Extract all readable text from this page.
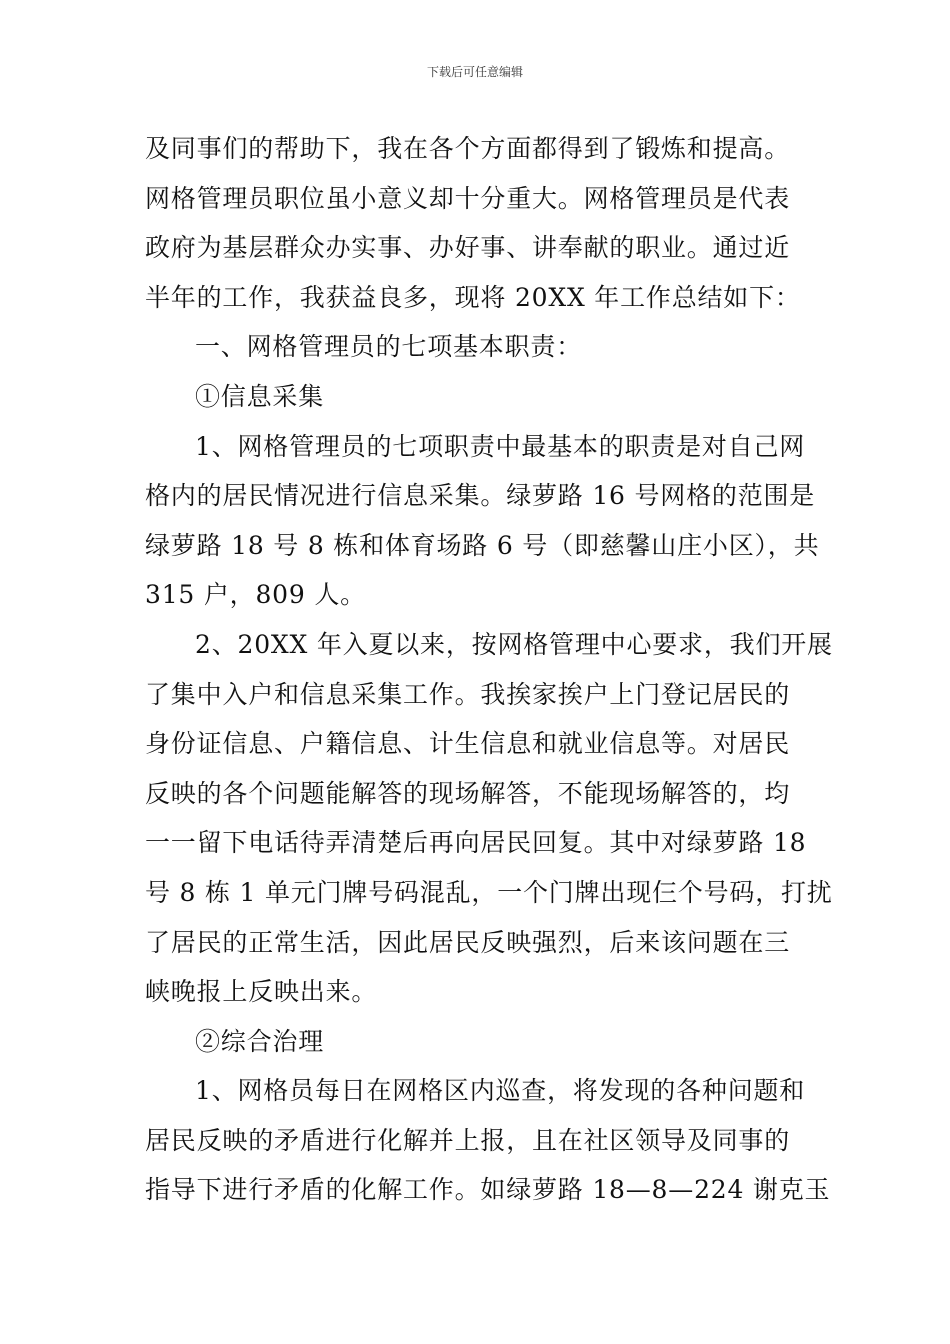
下载后可任意编辑
及同事们的帮助下，我在各个方面都得到了锻炼和提高。
网格管理员职位虽小意义却十分重大。网格管理员是代表
政府为基层群众办实事、办好事、讲奉献的职业。通过近
半年的工作，我获益良多，现将 20XX 年工作总结如下：
一、网格管理员的七项基本职责：
①信息采集
1、网格管理员的七项职责中最基本的职责是对自己网
格内的居民情况进行信息采集。绿萝路 16 号网格的范围是
绿萝路 18 号 8 栋和体育场路 6 号（即慈馨山庄小区），共
315 户，809 人。
2、20XX 年入夏以来，按网格管理中心要求，我们开展
了集中入户和信息采集工作。我挨家挨户上门登记居民的
身份证信息、户籍信息、计生信息和就业信息等。对居民
反映的各个问题能解答的现场解答，不能现场解答的，均
一一留下电话待弄清楚后再向居民回复。其中对绿萝路 18
号 8 栋 1 单元门牌号码混乱，一个门牌出现仨个号码，打扰
了居民的正常生活，因此居民反映强烈，后来该问题在三
峡晚报上反映出来。
②综合治理
1、网格员每日在网格区内巡查，将发现的各种问题和
居民反映的矛盾进行化解并上报，且在社区领导及同事的
指导下进行矛盾的化解工作。如绿萝路 18—8—224 谢克玉
